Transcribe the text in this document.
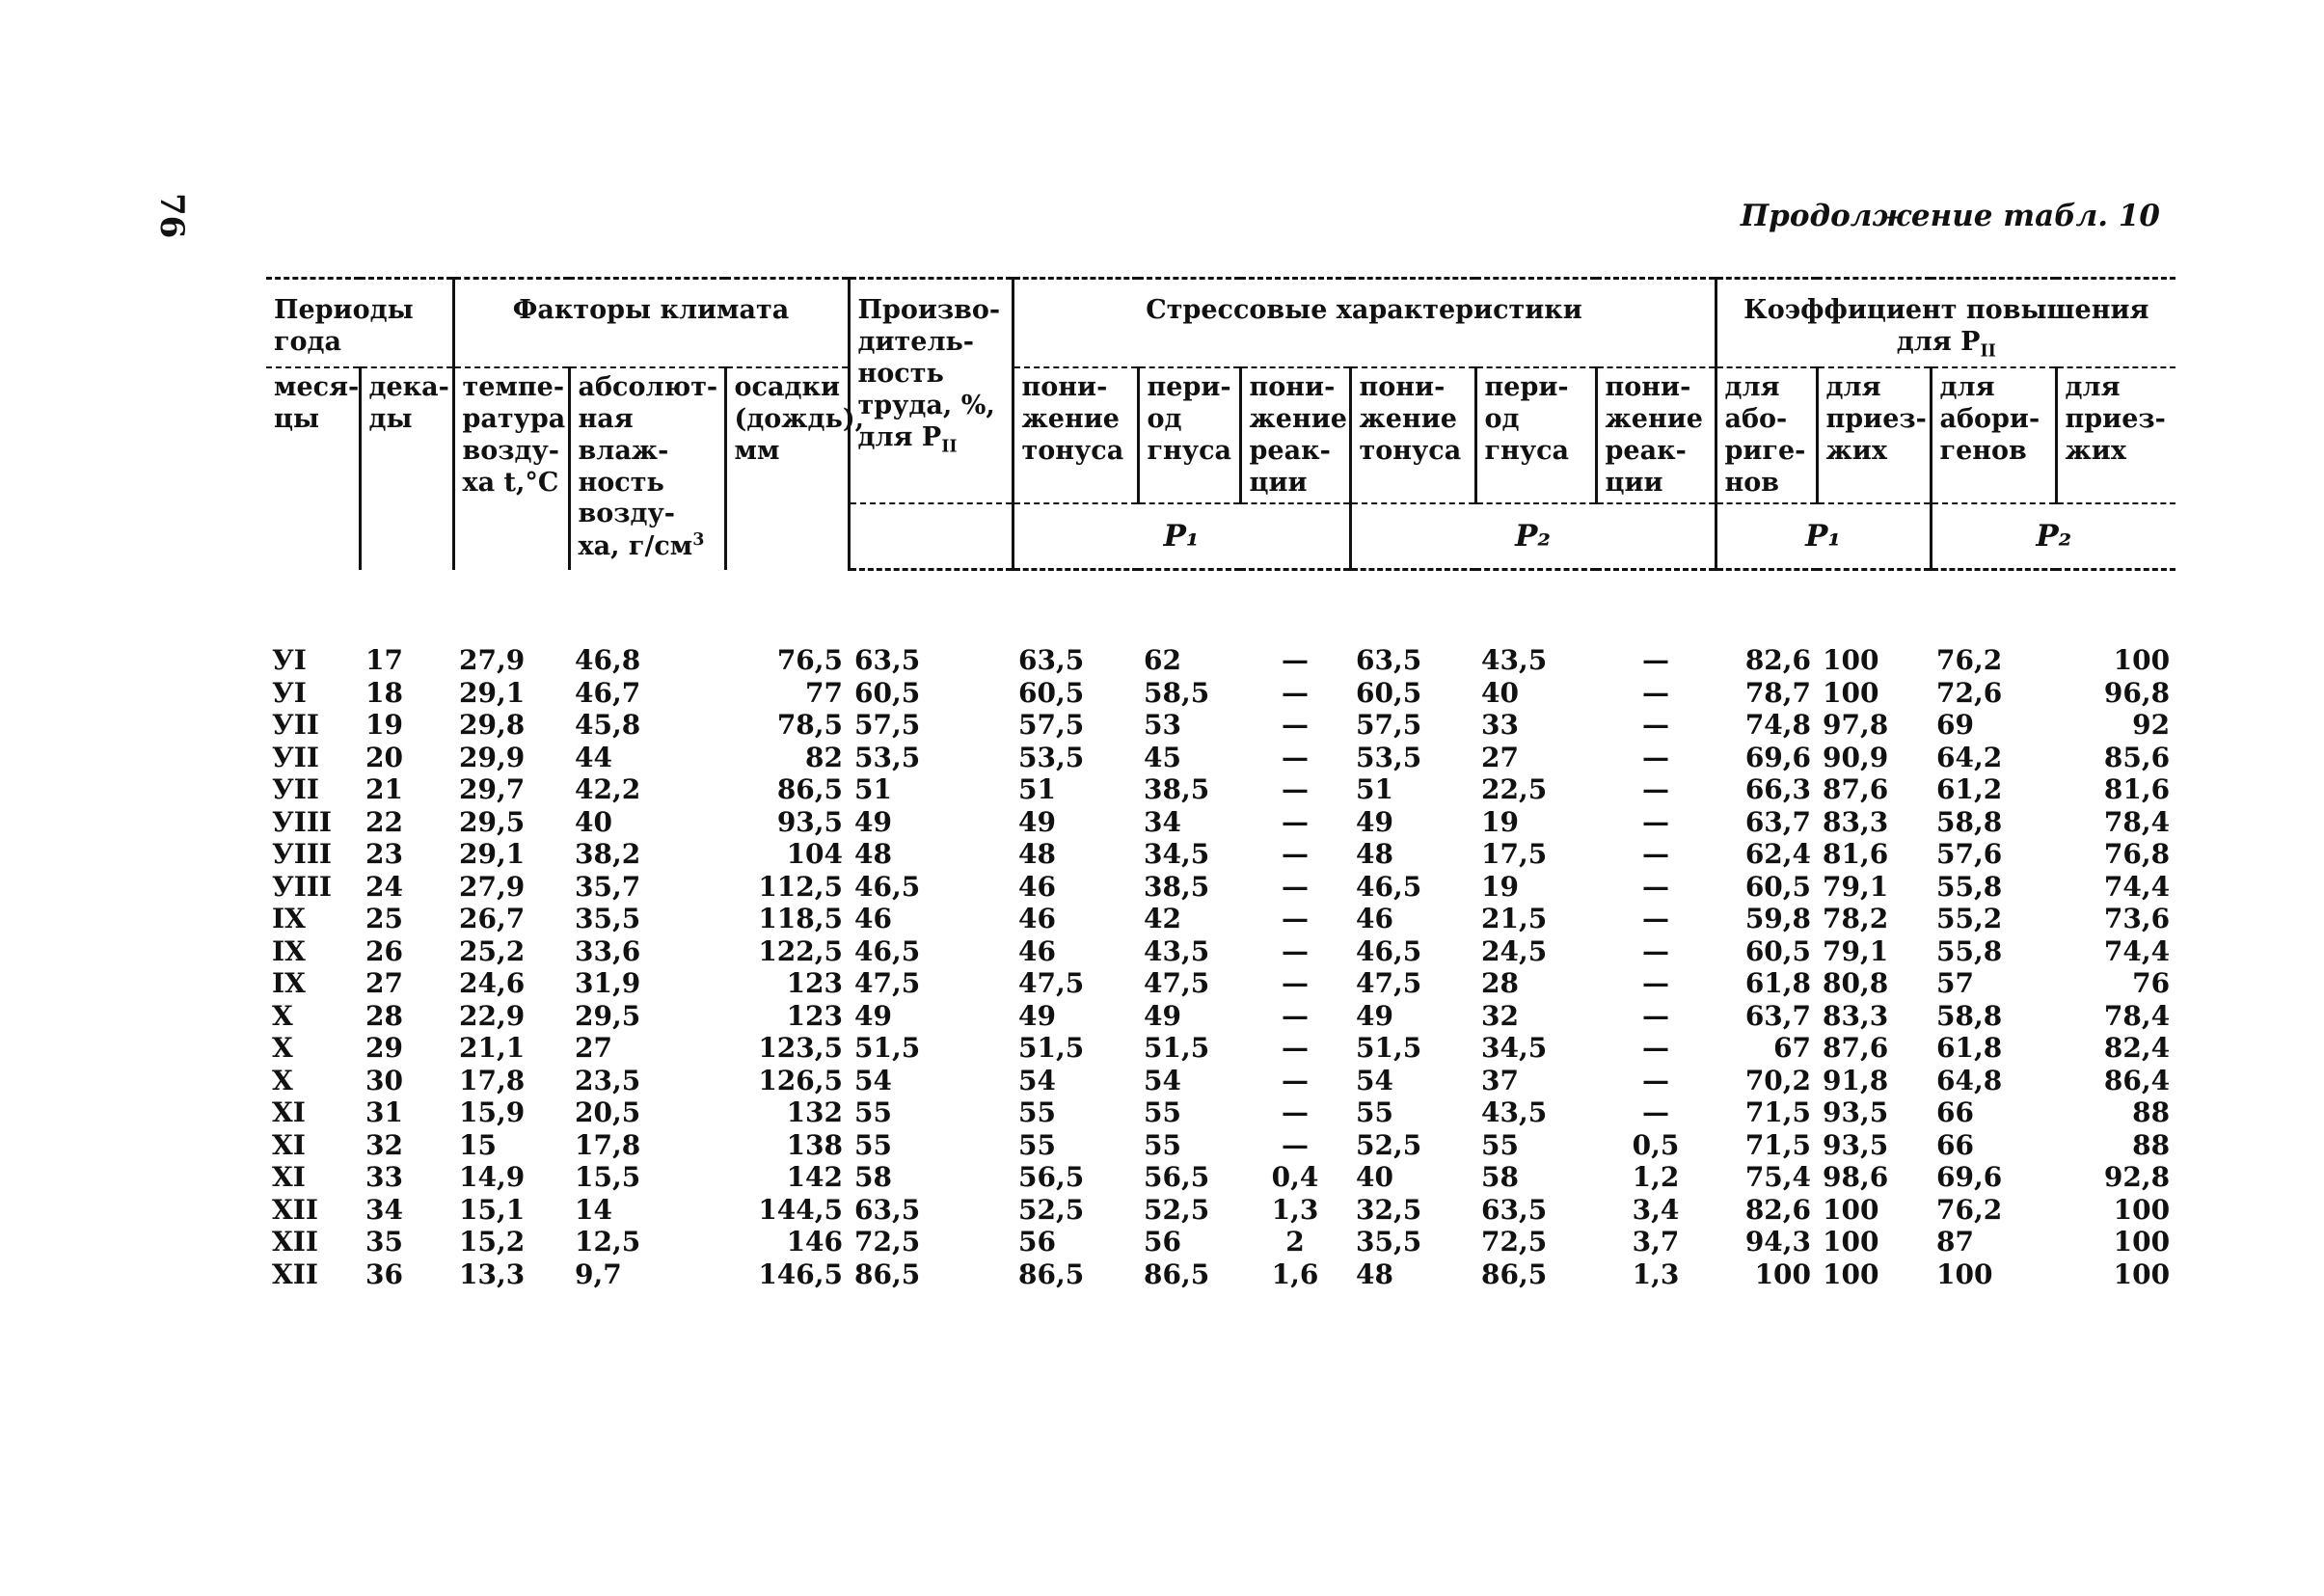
76	Продолжение табл. 10
Периоды года		Факторы климата			Произво-дитель-ность труда, %, для $P_{II}$	Стрессовые характеристики						Коэффициент повышения для $P_{II}$
меся-цы	дека-ды	темпе-ратура возду-ха t,°C	абсолют-ная влаж-ность возду-ха, $г/см^3$	осадки (дождь), мм		пони-жение тонуса	пери-од гнуса	пони-жение реак-ции	пони-жение тонуса	пери-од гнуса	пони-жение реак-ции	для або-риге-нов	для приез-жих	для абори-генов	для приез-жих
						P₁			P₂			P₁		P₂	

УI	17	27,9	46,8	76,5	63,5	63,5	62	—	63,5	43,5	—	82,6	100	76,2	100
УI	18	29,1	46,7	77	60,5	60,5	58,5	—	60,5	40	—	78,7	100	72,6	96,8
УII	19	29,8	45,8	78,5	57,5	57,5	53	—	57,5	33	—	74,8	97,8	69	92
УII	20	29,9	44	82	53,5	53,5	45	—	53,5	27	—	69,6	90,9	64,2	85,6
УII	21	29,7	42,2	86,5	51	51	38,5	—	51	22,5	—	66,3	87,6	61,2	81,6
УIII	22	29,5	40	93,5	49	49	34	—	49	19	—	63,7	83,3	58,8	78,4
УIII	23	29,1	38,2	104	48	48	34,5	—	48	17,5	—	62,4	81,6	57,6	76,8
УIII	24	27,9	35,7	112,5	46,5	46	38,5	—	46,5	19	—	60,5	79,1	55,8	74,4
IX	25	26,7	35,5	118,5	46	46	42	—	46	21,5	—	59,8	78,2	55,2	73,6
IX	26	25,2	33,6	122,5	46,5	46	43,5	—	46,5	24,5	—	60,5	79,1	55,8	74,4
IX	27	24,6	31,9	123	47,5	47,5	47,5	—	47,5	28	—	61,8	80,8	57	76
X	28	22,9	29,5	123	49	49	49	—	49	32	—	63,7	83,3	58,8	78,4
X	29	21,1	27	123,5	51,5	51,5	51,5	—	51,5	34,5	—	67	87,6	61,8	82,4
X	30	17,8	23,5	126,5	54	54	54	—	54	37	—	70,2	91,8	64,8	86,4
XI	31	15,9	20,5	132	55	55	55	—	55	43,5	—	71,5	93,5	66	88
XI	32	15	17,8	138	55	55	55	—	52,5	55	0,5	71,5	93,5	66	88
XI	33	14,9	15,5	142	58	56,5	56,5	0,4	40	58	1,2	75,4	98,6	69,6	92,8
XII	34	15,1	14	144,5	63,5	52,5	52,5	1,3	32,5	63,5	3,4	82,6	100	76,2	100
XII	35	15,2	12,5	146	72,5	56	56	2	35,5	72,5	3,7	94,3	100	87	100
XII	36	13,3	9,7	146,5	86,5	86,5	86,5	1,6	48	86,5	1,3	100	100	100	100
